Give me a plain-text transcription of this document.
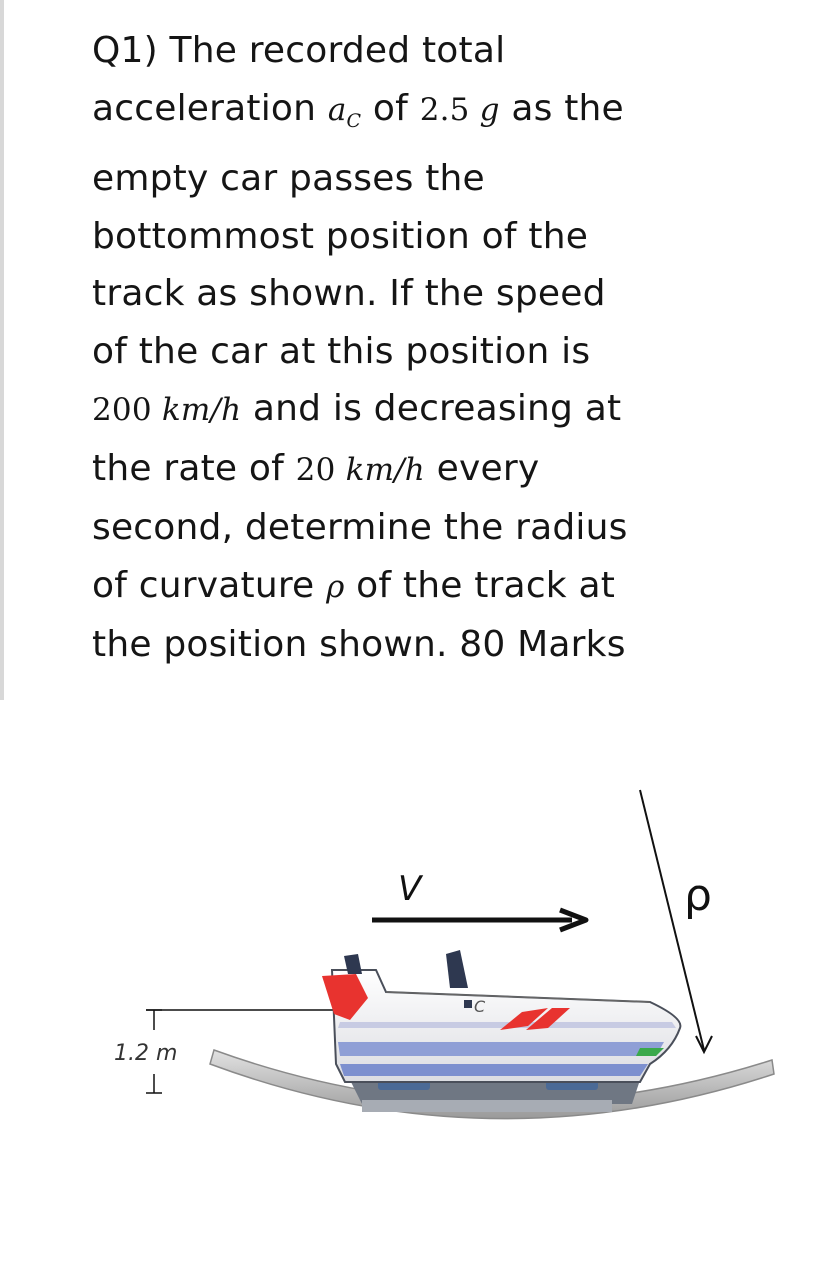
Q1) The recorded total
acceleration $a_C$ of 2.5 g as the
empty car passes the
bottommost position of the
track as shown. If the speed
of the car at this position is
200 km/h and is decreasing at
the rate of 20 km/h every
second, determine the radius
of curvature ρ of the track at
the position shown. 80 Marks
V	ρ
1.2 m
C
